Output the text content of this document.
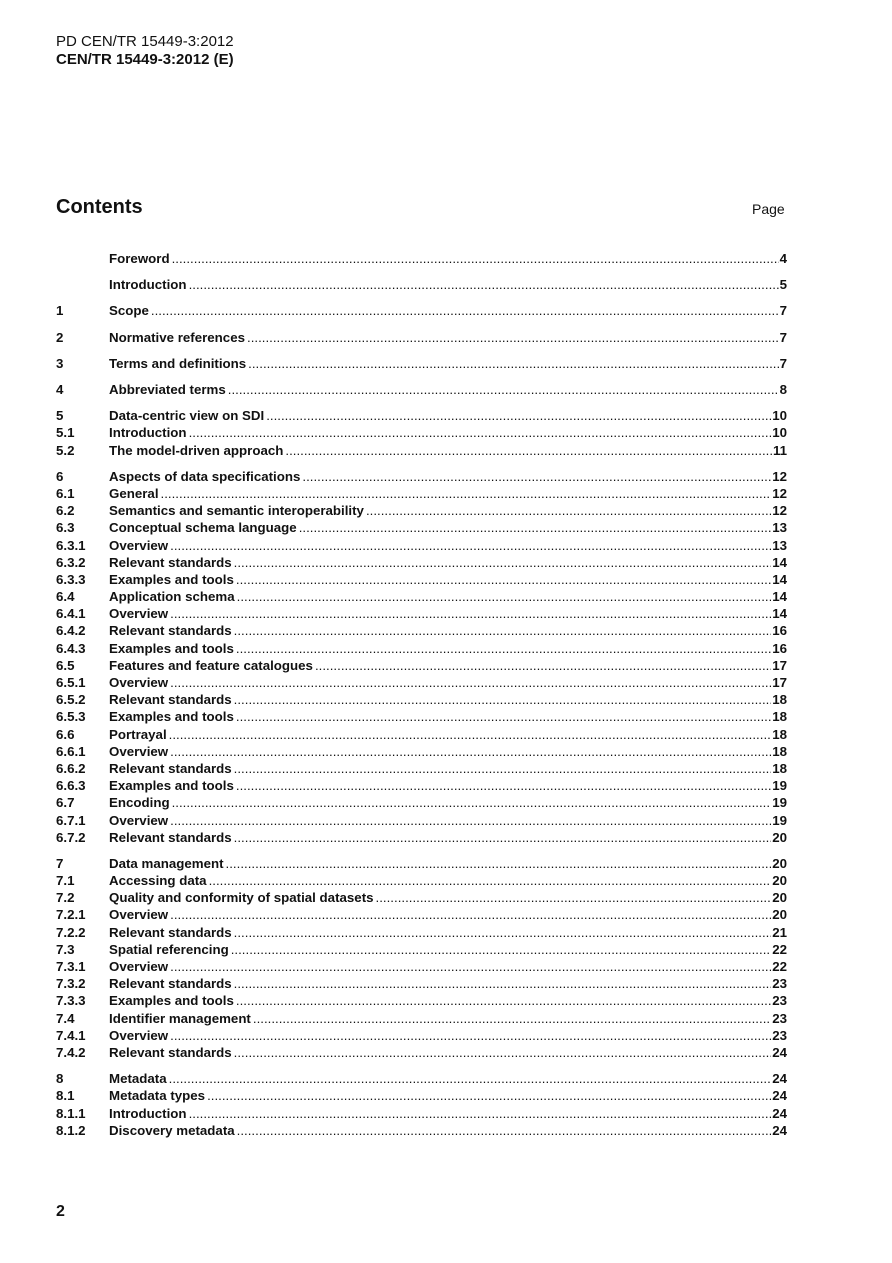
PD CEN/TR 15449-3:2012
CEN/TR 15449-3:2012 (E)
Contents	Page
Foreword .....	4
Introduction .....	5
1	Scope .....	7
2	Normative references .....	7
3	Terms and definitions .....	7
4	Abbreviated terms .....	8
5	Data-centric view on SDI .....	10
5.1	Introduction .....	10
5.2	The model-driven approach .....	11
6	Aspects of data specifications .....	12
6.1	General .....	12
6.2	Semantics and semantic interoperability .....	12
6.3	Conceptual schema language .....	13
6.3.1	Overview .....	13
6.3.2	Relevant standards .....	14
6.3.3	Examples and tools .....	14
6.4	Application schema .....	14
6.4.1	Overview .....	14
6.4.2	Relevant standards .....	16
6.4.3	Examples and tools .....	16
6.5	Features and feature catalogues .....	17
6.5.1	Overview .....	17
6.5.2	Relevant standards .....	18
6.5.3	Examples and tools .....	18
6.6	Portrayal .....	18
6.6.1	Overview .....	18
6.6.2	Relevant standards .....	18
6.6.3	Examples and tools .....	19
6.7	Encoding .....	19
6.7.1	Overview .....	19
6.7.2	Relevant standards .....	20
7	Data management .....	20
7.1	Accessing data .....	20
7.2	Quality and conformity of spatial datasets .....	20
7.2.1	Overview .....	20
7.2.2	Relevant standards .....	21
7.3	Spatial referencing .....	22
7.3.1	Overview .....	22
7.3.2	Relevant standards .....	23
7.3.3	Examples and tools .....	23
7.4	Identifier management .....	23
7.4.1	Overview .....	23
7.4.2	Relevant standards .....	24
8	Metadata .....	24
8.1	Metadata types .....	24
8.1.1	Introduction .....	24
8.1.2	Discovery metadata .....	24
2
